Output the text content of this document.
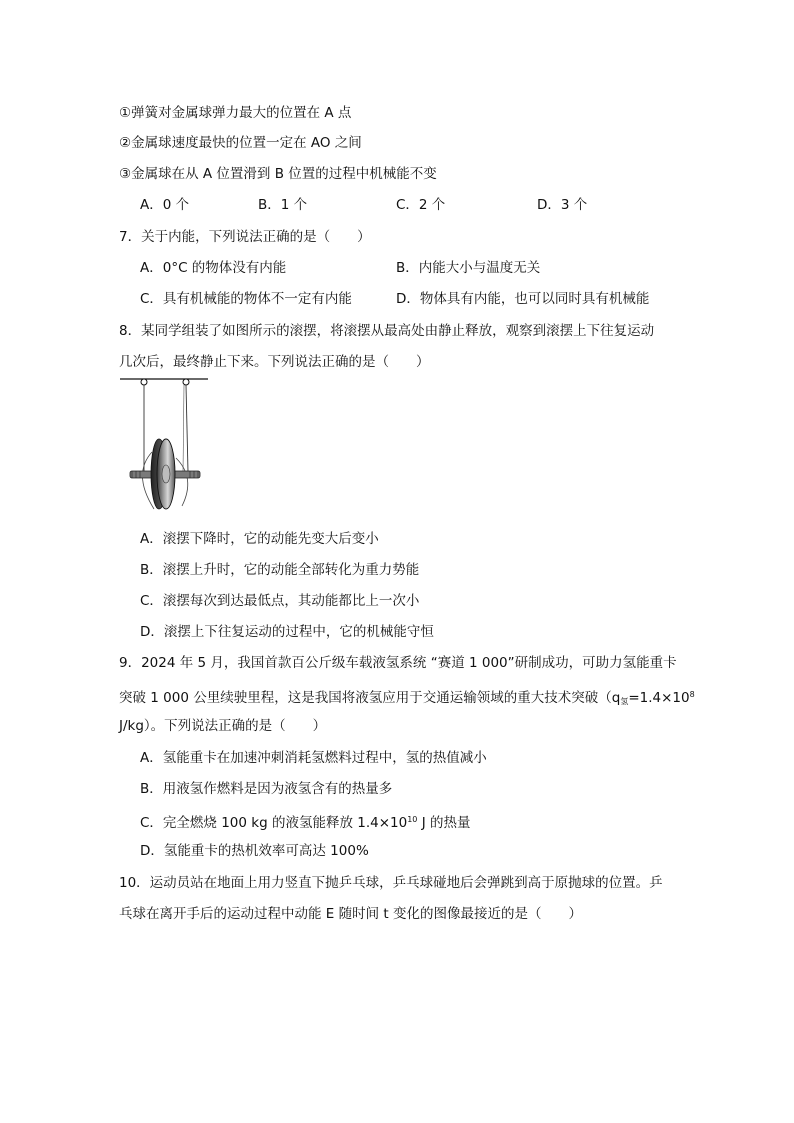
①弹簧对金属球弹力最大的位置在 A 点
②金属球速度最快的位置一定在 AO 之间
③金属球在从 A 位置滑到 B 位置的过程中机械能不变
A．0 个	B．1 个	C．2 个	D．3 个
7．关于内能，下列说法正确的是（　　）
A．0°C 的物体没有内能	B．内能大小与温度无关
C．具有机械能的物体不一定有内能	D．物体具有内能，也可以同时具有机械能
8．某同学组装了如图所示的滚摆，将滚摆从最高处由静止释放，观察到滚摆上下往复运动
几次后，最终静止下来。下列说法正确的是（　　）
A．滚摆下降时，它的动能先变大后变小
B．滚摆上升时，它的动能全部转化为重力势能
C．滚摆每次到达最低点，其动能都比上一次小
D．滚摆上下往复运动的过程中，它的机械能守恒
9．2024 年 5 月，我国首款百公斤级车载液氢系统 “赛道 1 000”研制成功，可助力氢能重卡
突破 1 000 公里续驶里程，这是我国将液氢应用于交通运输领域的重大技术突破（$q_氢=1.4\times 10^8$
J/kg）。下列说法正确的是（　　）
A．氢能重卡在加速冲刺消耗氢燃料过程中，氢的热值减小
B．用液氢作燃料是因为液氢含有的热量多
C．完全燃烧 100 kg 的液氢能释放 $1.4\times 10^{10}$ J 的热量
D．氢能重卡的热机效率可高达 100%
10．运动员站在地面上用力竖直下抛乒乓球，乒乓球碰地后会弹跳到高于原抛球的位置。乒
乓球在离开手后的运动过程中动能 E 随时间 t 变化的图像最接近的是（　　）
